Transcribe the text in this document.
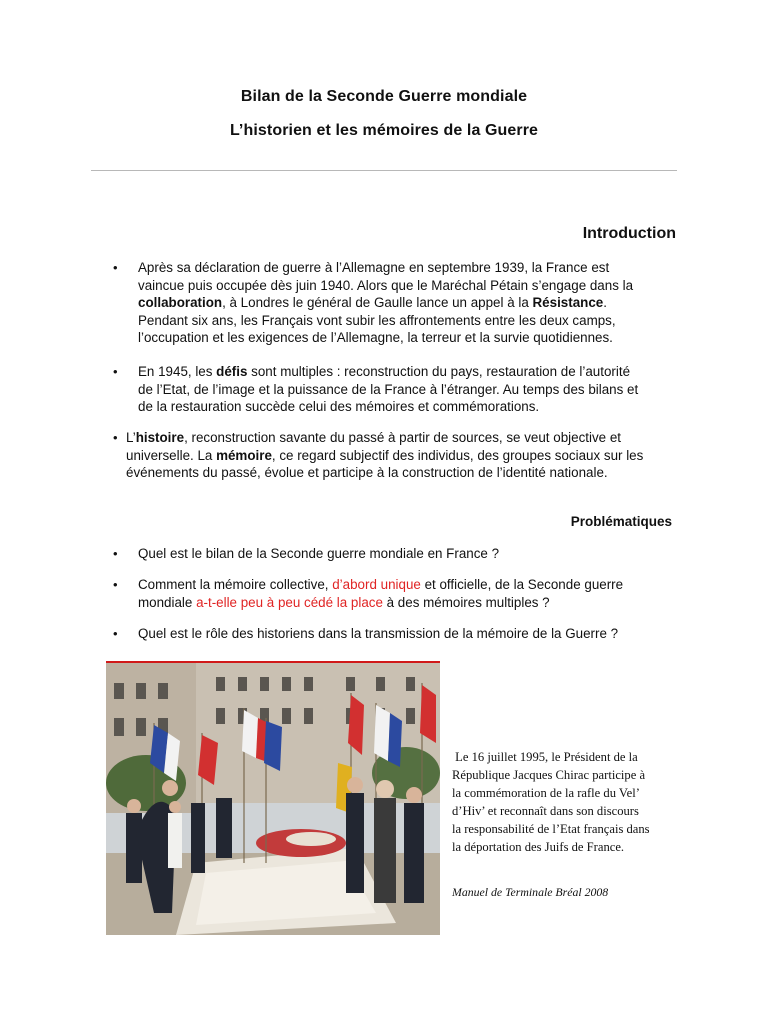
Bilan de la Seconde Guerre mondiale
L’historien et les mémoires de la Guerre
Introduction
• Après sa déclaration de guerre à l’Allemagne en septembre 1939, la France est
vaincue puis occupée dès juin 1940. Alors que le Maréchal Pétain s’engage dans la
collaboration, à Londres le général de Gaulle lance un appel à la Résistance.
Pendant six ans, les Français vont subir les affrontements entre les deux camps,
l’occupation et les exigences de l’Allemagne, la terreur et la survie quotidiennes.
• En 1945, les défis sont multiples : reconstruction du pays, restauration de l’autorité
de l’Etat, de l’image et la puissance de la France à l’étranger. Au temps des bilans et
de la restauration succède celui des mémoires et commémorations.
• L’histoire, reconstruction savante du passé à partir de sources, se veut objective et
universelle. La mémoire, ce regard subjectif des individus, des groupes sociaux sur les
événements du passé, évolue et participe à la construction de l’identité nationale.
Problématiques
• Quel est le bilan de la Seconde guerre mondiale en France ?
• Comment la mémoire collective, d’abord unique et officielle, de la Seconde guerre
mondiale a-t-elle peu à peu cédé la place à des mémoires multiples ?
• Quel est le rôle des historiens dans la transmission de la mémoire de la Guerre ?
Le 16 juillet 1995, le Président de la
République Jacques Chirac participe à
la commémoration de la rafle du Vel’
d’Hiv’ et reconnaît dans son discours
la responsabilité de l’Etat français dans
la déportation des Juifs de France.
Manuel de Terminale Bréal 2008
